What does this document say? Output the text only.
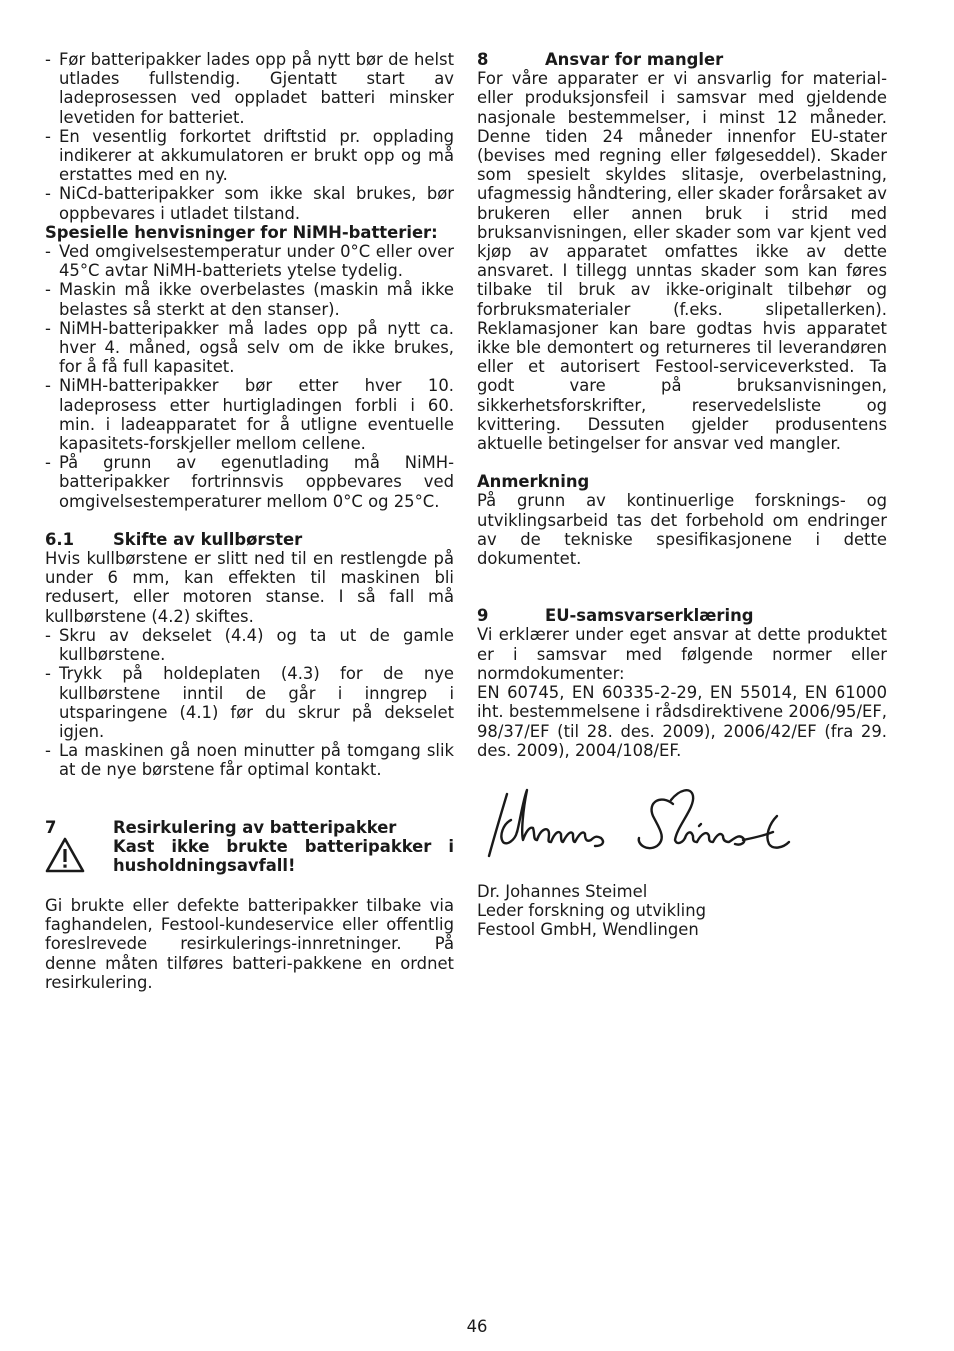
- Før batteripakker lades opp på nytt bør de helst utlades fullstendig. Gjentatt start av ladeprosessen ved oppladet batteri minsker levetiden for batteriet.
- En vesentlig forkortet driftstid pr. opplading indikerer at akkumulatoren er brukt opp og må erstattes med en ny.
- NiCd-batteripakker som ikke skal brukes, bør oppbevares i utladet tilstand.

Spesielle henvisninger for NiMH-batterier:

- Ved omgivelsestemperatur under 0°C eller over 45°C avtar NiMH-batteriets ytelse tydelig.
- Maskin må ikke overbelastes (maskin må ikke belastes så sterkt at den stanser).
- NiMH-batteripakker må lades opp på nytt ca. hver 4. måned, også selv om de ikke brukes, for å få full kapasitet.
- NiMH-batteripakker bør etter hver 10. ladeprosess etter hurtigladingen forbli i 60. min. i ladeapparatet for å utligne eventuelle kapasitets-forskjeller mellom cellene.
- På grunn av egenutlading må NiMH-batteripakker fortrinnsvis oppbevares ved omgivelsestemperaturer mellom 0°C og 25°C.
6.1	Skifte av kullbørster

Hvis kullbørstene er slitt ned til en restlengde på under 6 mm, kan effekten til maskinen bli redusert, eller motoren stanse. I så fall må kullbørstene (4.2) skiftes.

- Skru av dekselet (4.4) og ta ut de gamle kullbørstene.
- Trykk på holdeplaten (4.3) for de nye kullbørstene inntil de går i inngrep i utsparingene (4.1) før du skrur på dekselet igjen.
- La maskinen gå noen minutter på tomgang slik at de nye børstene får optimal kontakt.
7	Resirkulering av batteripakker
Kast ikke brukte batteripakker i husholdningsavfall!

Gi brukte eller defekte batteripakker tilbake via faghandelen, Festool-kundeservice eller offentlig foreslrevede resirkulerings-innretninger. På denne måten tilføres batteri-pakkene en ordnet resirkulering.

8	Ansvar for mangler

For våre apparater er vi ansvarlig for material- eller produksjonsfeil i samsvar med gjeldende nasjonale bestemmelser, i minst 12 måneder. Denne tiden 24 måneder innenfor EU-stater (bevises med regning eller følgeseddel). Skader som spesielt skyldes slitasje, overbelastning, ufagmessig håndtering, eller skader forårsaket av brukeren eller annen bruk i strid med bruksanvisningen, eller skader som var kjent ved kjøp av apparatet omfattes ikke av dette ansvaret. I tillegg unntas skader som kan føres tilbake til bruk av ikke-originalt tilbehør og forbruksmaterialer (f.eks. slipetallerken). Reklamasjoner kan bare godtas hvis apparatet ikke ble demontert og returneres til leverandøren eller et autorisert Festool-serviceverksted. Ta godt vare på bruksanvisningen, sikkerhetsforskrifter, reservedelsliste og kvittering. Dessuten gjelder produsentens aktuelle betingelser for ansvar ved mangler.

Anmerkning

På grunn av kontinuerlige forsknings- og utviklingsarbeid tas det forbehold om endringer av de tekniske spesifikasjonene i dette dokumentet.

9	EU-samsvarserklæring

Vi erklærer under eget ansvar at dette produktet er i samsvar med følgende normer eller normdokumenter:

EN 60745, EN 60335-2-29, EN 55014, EN 61000 iht. bestemmelsene i rådsdirektivene 2006/95/EF, 98/37/EF (til 28. des. 2009), 2006/42/EF (fra 29. des. 2009), 2004/108/EF.

Dr. Johannes Steimel

Leder forskning og utvikling

Festool GmbH, Wendlingen

46
